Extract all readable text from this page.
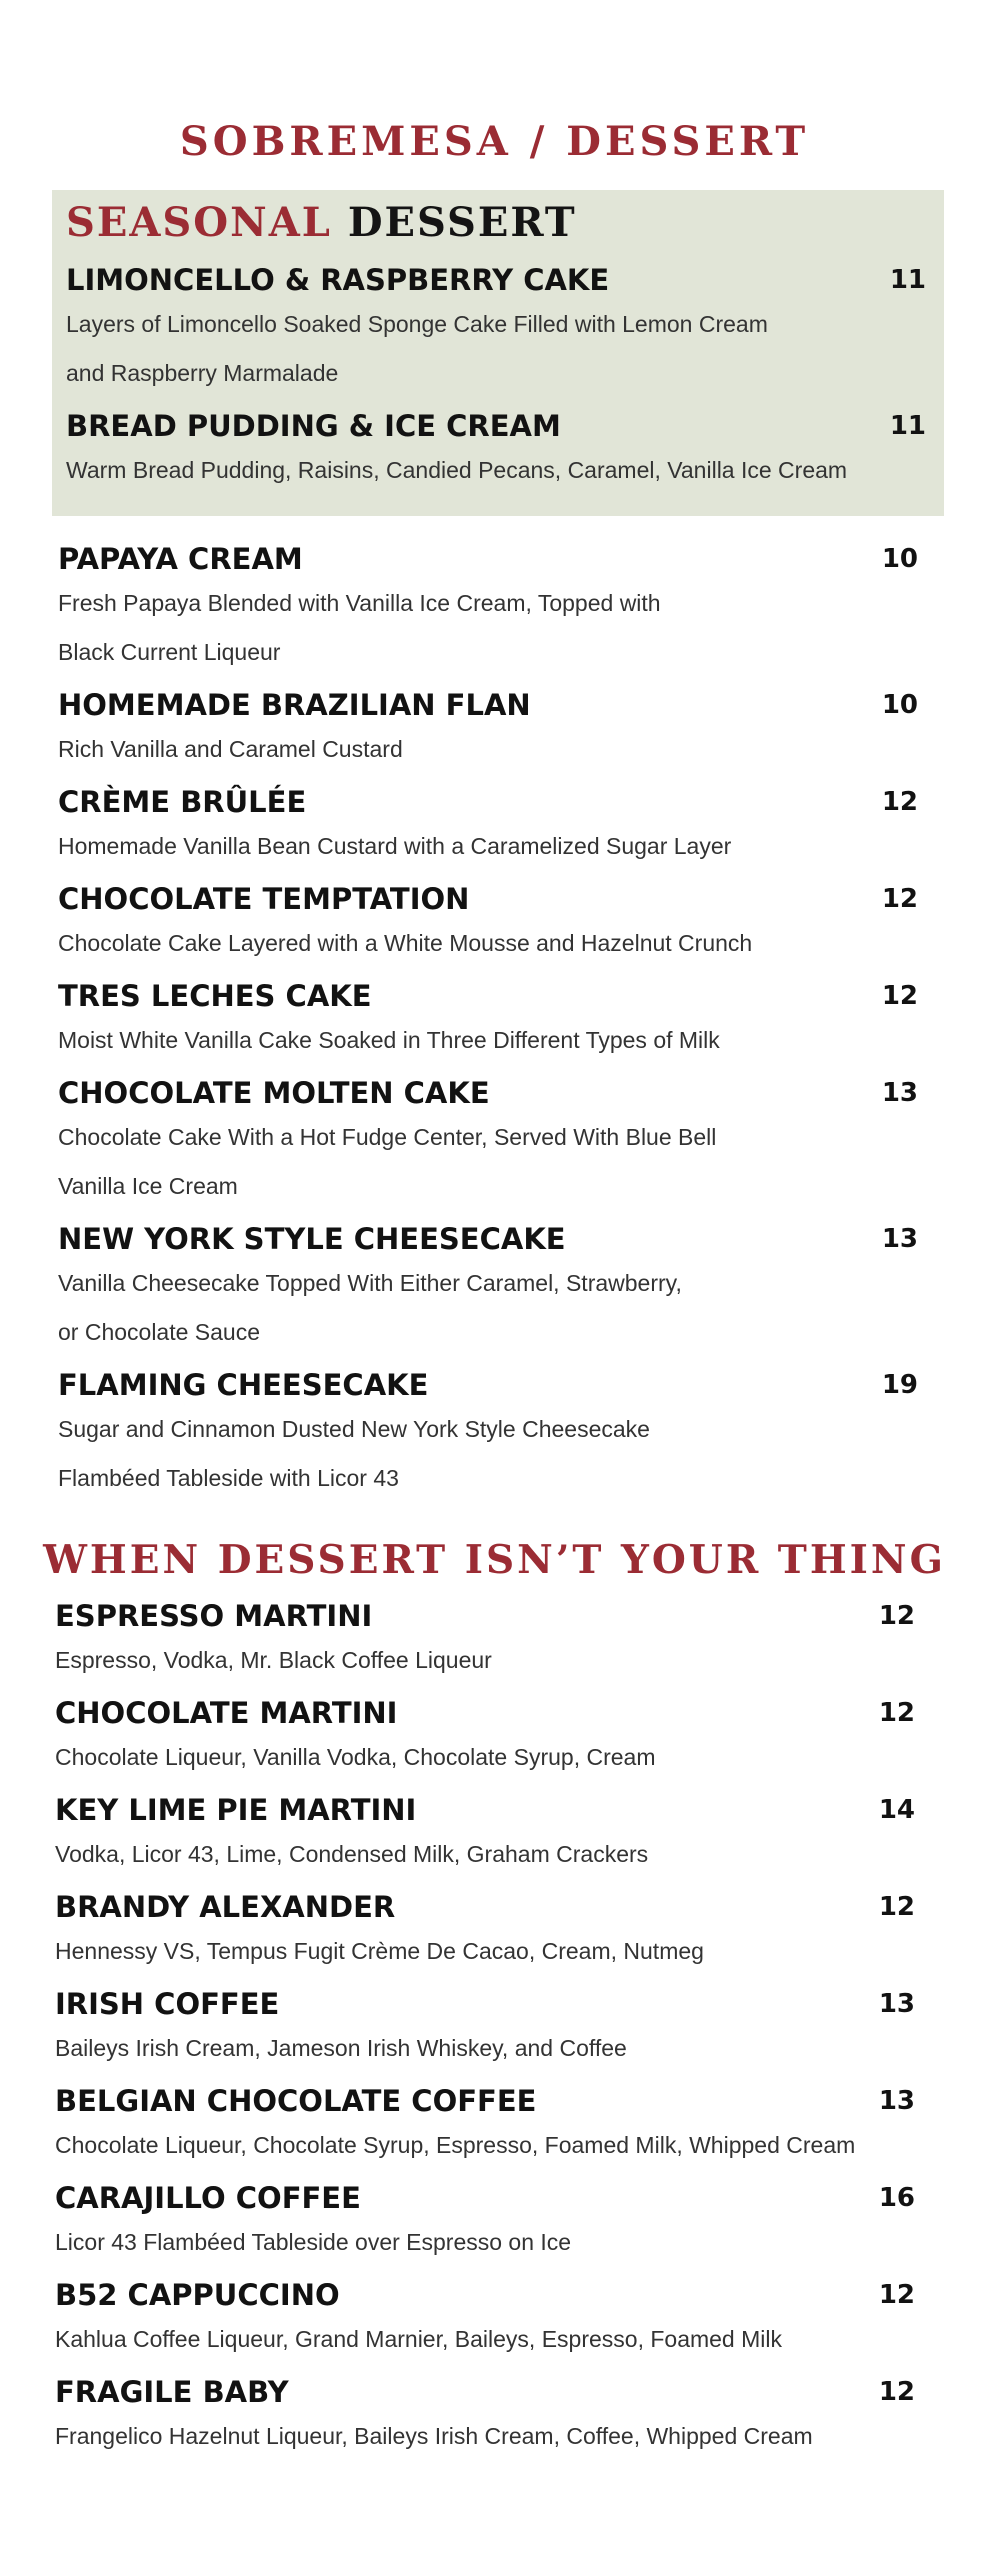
SOBREMESA / DESSERT
SEASONAL DESSERT
LIMONCELLO & RASPBERRY CAKE	11
Layers of Limoncello Soaked Sponge Cake Filled with Lemon Cream
and Raspberry Marmalade
BREAD PUDDING & ICE CREAM	11
Warm Bread Pudding, Raisins, Candied Pecans, Caramel, Vanilla Ice Cream
PAPAYA CREAM	10
Fresh Papaya Blended with Vanilla Ice Cream, Topped with
Black Current Liqueur
HOMEMADE BRAZILIAN FLAN	10
Rich Vanilla and Caramel Custard
CRÈME BRÛLÉE	12
Homemade Vanilla Bean Custard with a Caramelized Sugar Layer
CHOCOLATE TEMPTATION	12
Chocolate Cake Layered with a White Mousse and Hazelnut Crunch
TRES LECHES CAKE	12
Moist White Vanilla Cake Soaked in Three Different Types of Milk
CHOCOLATE MOLTEN CAKE	13
Chocolate Cake With a Hot Fudge Center, Served With Blue Bell
Vanilla Ice Cream
NEW YORK STYLE CHEESECAKE	13
Vanilla Cheesecake Topped With Either Caramel, Strawberry,
or Chocolate Sauce
FLAMING CHEESECAKE	19
Sugar and Cinnamon Dusted New York Style Cheesecake
Flambéed Tableside with Licor 43
WHEN DESSERT ISN’T YOUR THING
ESPRESSO MARTINI	12
Espresso, Vodka, Mr. Black Coffee Liqueur
CHOCOLATE MARTINI	12
Chocolate Liqueur, Vanilla Vodka, Chocolate Syrup, Cream
KEY LIME PIE MARTINI	14
Vodka, Licor 43, Lime, Condensed Milk, Graham Crackers
BRANDY ALEXANDER	12
Hennessy VS, Tempus Fugit Crème De Cacao, Cream, Nutmeg
IRISH COFFEE	13
Baileys Irish Cream, Jameson Irish Whiskey, and Coffee
BELGIAN CHOCOLATE COFFEE	13
Chocolate Liqueur, Chocolate Syrup, Espresso, Foamed Milk, Whipped Cream
CARAJILLO COFFEE	16
Licor 43 Flambéed Tableside over Espresso on Ice
B52 CAPPUCCINO	12
Kahlua Coffee Liqueur, Grand Marnier, Baileys, Espresso, Foamed Milk
FRAGILE BABY	12
Frangelico Hazelnut Liqueur, Baileys Irish Cream, Coffee, Whipped Cream
